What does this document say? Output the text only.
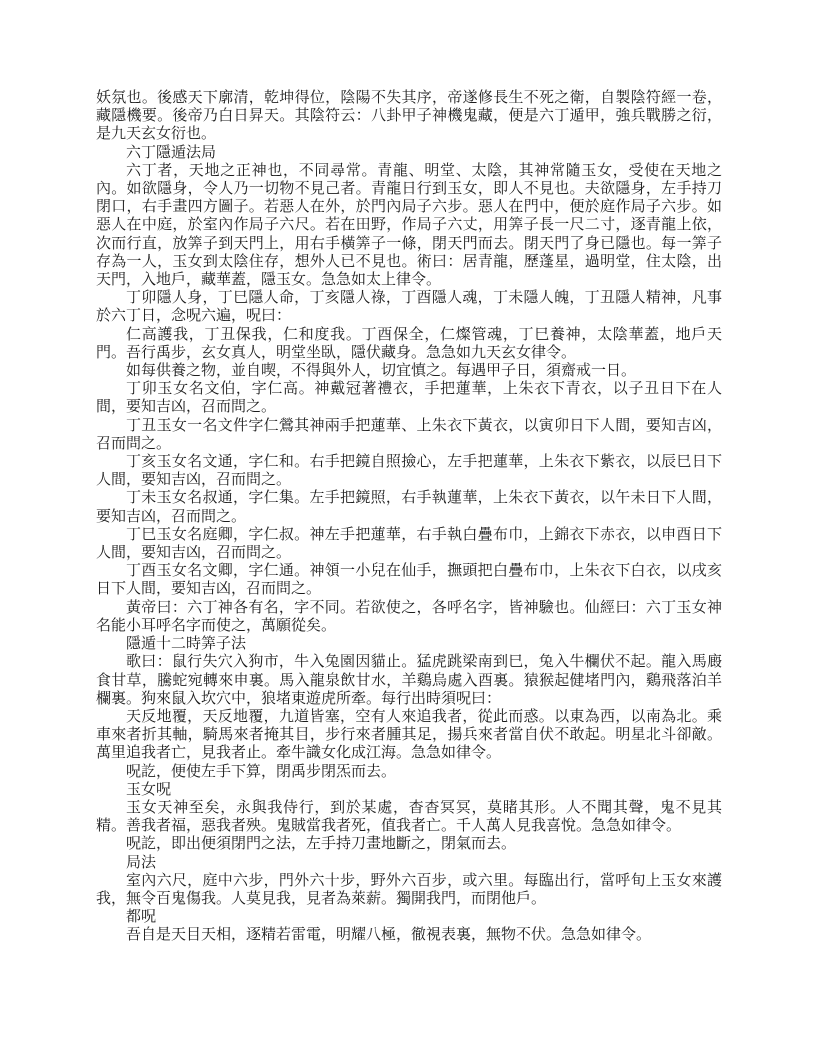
妖氛也。後感天下廓清，乾坤得位，陰陽不失其序，帝遂修長生不死之衛，自製陰符經一卷，藏隱機要。後帝乃白日昇天。其陰符云：八卦甲子神機鬼藏，便是六丁遁甲，強兵戰勝之衍，是九天玄女衍也。

六丁隱遁法局

六丁者，天地之正神也，不同尋常。青龍、明堂、太陰，其神常隨玉女，受使在天地之內。如欲隱身，令人乃一切物不見己者。青龍日行到玉女，即人不見也。夫欲隱身，左手持刀閉口，右手畫四方圖子。若惡人在外，於門內局子六步。惡人在門中，便於庭作局子六步。如惡人在中庭，於室內作局子六尺。若在田野，作局子六丈，用筭子長一尺二寸，逐青龍上依，次而行直，放筭子到天門上，用右手橫筭子一條，閉天門而去。閉天門了身已隱也。每一筭子存為一人，玉女到太陰住存，想外人已不見也。術曰：居青龍，歷蓬星，過明堂，住太陰，出天門，入地戶，藏華蓋，隱玉女。急急如太上律令。

丁卯隱人身，丁巳隱人命，丁亥隱人祿，丁酉隱人魂，丁未隱人魄，丁丑隱人精神，凡事於六丁日，念呪六遍，呪曰：

仁高護我，丁丑保我，仁和度我。丁酉保全，仁燦管魂，丁巳養神，太陰華蓋，地戶天門。吾行禹步，玄女真人，明堂坐臥，隱伏藏身。急急如九天玄女律令。

如每供養之物，並自喫，不得與外人，切宜慎之。每遇甲子日，須齋戒一日。

丁卯玉女名文伯，字仁高。神戴冠著禮衣，手把蓮華，上朱衣下青衣，以子丑日下在人間，要知吉凶，召而問之。

丁丑玉女一名文件字仁鶯其神兩手把蓮華、上朱衣下黃衣，以寅卯日下人間，要知吉凶，召而問之。

丁亥玉女名文通，字仁和。右手把鏡自照撿心，左手把蓮華，上朱衣下紫衣，以辰巳日下人間，要知吉凶，召而問之。

丁未玉女名叔通，字仁集。左手把鏡照，右手執蓮華，上朱衣下黃衣，以午未日下人間，要知吉凶，召而問之。

丁巳玉女名庭卿，字仁叔。神左手把蓮華，右手執白疊布巾，上錦衣下赤衣，以申酉日下人間，要知吉凶，召而問之。

丁酉玉女名文卿，字仁通。神領一小兒在仙手，撫頭把白疊布巾，上朱衣下白衣，以戌亥日下人間，要知吉凶，召而問之。

黃帝曰：六丁神各有名，字不同。若欲使之，各呼名字，皆神驗也。仙經曰：六丁玉女神名能小耳呼名字而使之，萬願從矣。

隱遁十二時筭子法

歌曰：鼠行失穴入狗市，牛入兔園因貓止。猛虎跳梁南到巳，兔入牛欄伏不起。龍入馬廄食甘草，騰蛇宛轉來申裏。馬入龍泉飲甘水，羊鷄烏處入酉裏。猿猴起健堵門內，鷄飛落泊羊欄裏。狗來鼠入坎穴中，狼堵東遊虎所牽。每行出時須呪曰：

天反地覆，天反地覆，九道皆塞，空有人來追我者，從此而惑。以東為西，以南為北。乘車來者折其軸，騎馬來者掩其目，步行來者腫其足，揚兵來者當自伏不敢起。明星北斗卻敵。萬里追我者亡，見我者止。牽牛識女化成江海。急急如律令。

呪訖，便使左手下算，閉禹步閉炁而去。

玉女呪

玉女天神至矣，永與我侍行，到於某處，杳杳冥冥，莫睹其形。人不聞其聲，鬼不見其精。善我者福，惡我者殃。鬼賊當我者死，值我者亡。千人萬人見我喜悅。急急如律令。

呪訖，即出便須閉門之法，左手持刀畫地斷之，閉氣而去。

局法

室內六尺，庭中六步，門外六十步，野外六百步，或六里。每臨出行，當呼旬上玉女來護我，無令百鬼傷我。人莫見我，見者為萊薪。獨開我門，而閉他戶。

都呪

吾自是天目天相，逐精若雷電，明耀八極，徹視表裏，無物不伏。急急如律令。
